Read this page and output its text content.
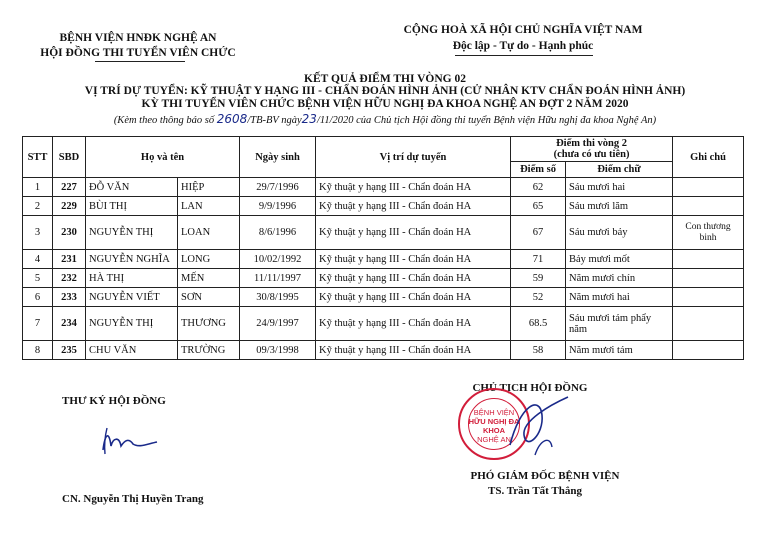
BỆNH VIỆN HNĐK NGHỆ AN
HỘI ĐỒNG THI TUYỂN VIÊN CHỨC
CỘNG HOÀ XÃ HỘI CHỦ NGHĨA VIỆT NAM
Độc lập - Tự do - Hạnh phúc
KẾT QUẢ ĐIỂM THI VÒNG 02
VỊ TRÍ DỰ TUYỂN: KỸ THUẬT Y HẠNG III - CHẨN ĐOÁN HÌNH ẢNH (CỬ NHÂN KTV CHẨN ĐOÁN HÌNH ẢNH)
KỲ THI TUYỂN VIÊN CHỨC BỆNH VIỆN HỮU NGHỊ ĐA KHOA NGHỆ AN ĐỢT 2 NĂM 2020
(Kèm theo thông báo số 2608/TB-BV ngày23/11/2020 của Chủ tịch Hội đồng thi tuyển Bệnh viện Hữu nghị đa khoa Nghệ An)
STT	SBD	Họ và tên		Ngày sinh	Vị trí dự tuyển	Điểm thi vòng 2
(chưa có ưu tiên)		Ghi chú
						Điểm số	Điểm chữ	
1	227	ĐỖ VĂN	HIỆP	29/7/1996	Kỹ thuật y hạng III - Chẩn đoán HA	62	Sáu mươi hai	
2	229	BÙI THỊ	LAN	9/9/1996	Kỹ thuật y hạng III - Chẩn đoán HA	65	Sáu mươi lăm	
3	230	NGUYỄN THỊ	LOAN	8/6/1996	Kỹ thuật y hạng III - Chẩn đoán HA	67	Sáu mươi bảy	Con thương binh
4	231	NGUYỄN NGHĨA	LONG	10/02/1992	Kỹ thuật y hạng III - Chẩn đoán HA	71	Bảy mươi mốt	
5	232	HÀ THỊ	MẾN	11/11/1997	Kỹ thuật y hạng III - Chẩn đoán HA	59	Năm mươi chín	
6	233	NGUYỄN VIẾT	SƠN	30/8/1995	Kỹ thuật y hạng III - Chẩn đoán HA	52	Năm mươi hai	
7	234	NGUYỄN THỊ	THƯƠNG	24/9/1997	Kỹ thuật y hạng III - Chẩn đoán HA	68.5	Sáu mươi tám phẩy năm	
8	235	CHU VĂN	TRƯỜNG	09/3/1998	Kỹ thuật y hạng III - Chẩn đoán HA	58	Năm mươi tám	
THƯ KÝ HỘI ĐỒNG
CN. Nguyễn Thị Huyền Trang
CHỦ TỊCH HỘI ĐỒNG
BỆNH VIỆN
HỮU NGHỊ ĐA KHOA
NGHỆ AN
PHÓ GIÁM ĐỐC BỆNH VIỆN
TS. Trần Tất Thắng
